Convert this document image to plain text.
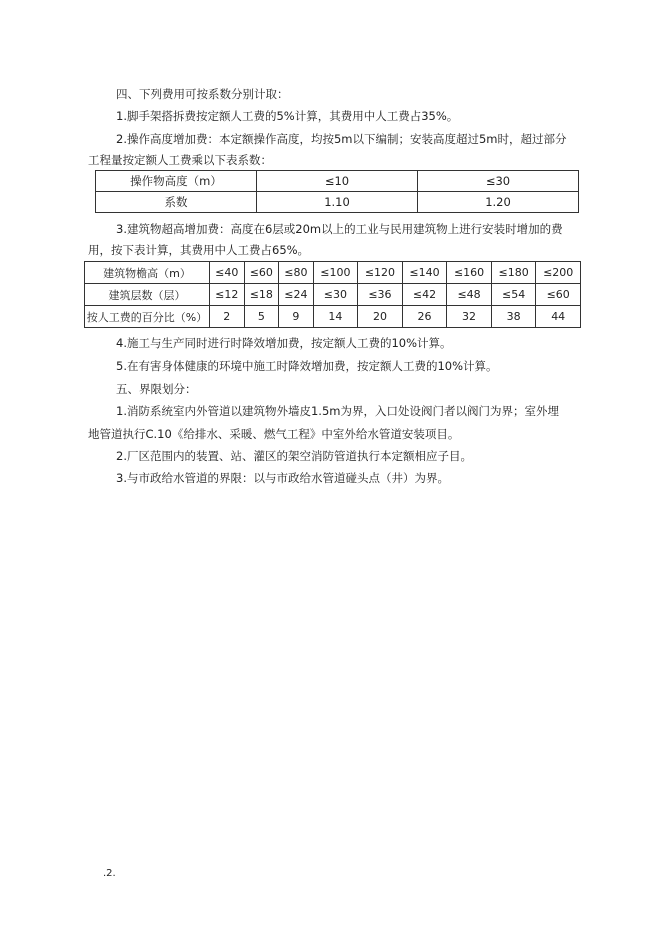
四、下列费用可按系数分别计取：
1.脚手架搭拆费按定额人工费的5%计算，其费用中人工费占35%。
2.操作高度增加费：本定额操作高度，均按5m以下编制；安装高度超过5m时，超过部分
工程量按定额人工费乘以下表系数：
操作物高度（m）	≤10	≤30
系数	1.10	1.20
3.建筑物超高增加费：高度在6层或20m以上的工业与民用建筑物上进行安装时增加的费
用，按下表计算，其费用中人工费占65%。
建筑物檐高（m）	≤40	≤60	≤80	≤100	≤120	≤140	≤160	≤180	≤200
建筑层数（层）	≤12	≤18	≤24	≤30	≤36	≤42	≤48	≤54	≤60
按人工费的百分比（%）	2	5	9	14	20	26	32	38	44
4.施工与生产同时进行时降效增加费，按定额人工费的10%计算。
5.在有害身体健康的环境中施工时降效增加费，按定额人工费的10%计算。
五、界限划分：
1.消防系统室内外管道以建筑物外墙皮1.5m为界，入口处设阀门者以阀门为界；室外埋
地管道执行C.10《给排水、采暖、燃气工程》中室外给水管道安装项目。
2.厂区范围内的装置、站、灌区的架空消防管道执行本定额相应子目。
3.与市政给水管道的界限：以与市政给水管道碰头点（井）为界。
.2.
